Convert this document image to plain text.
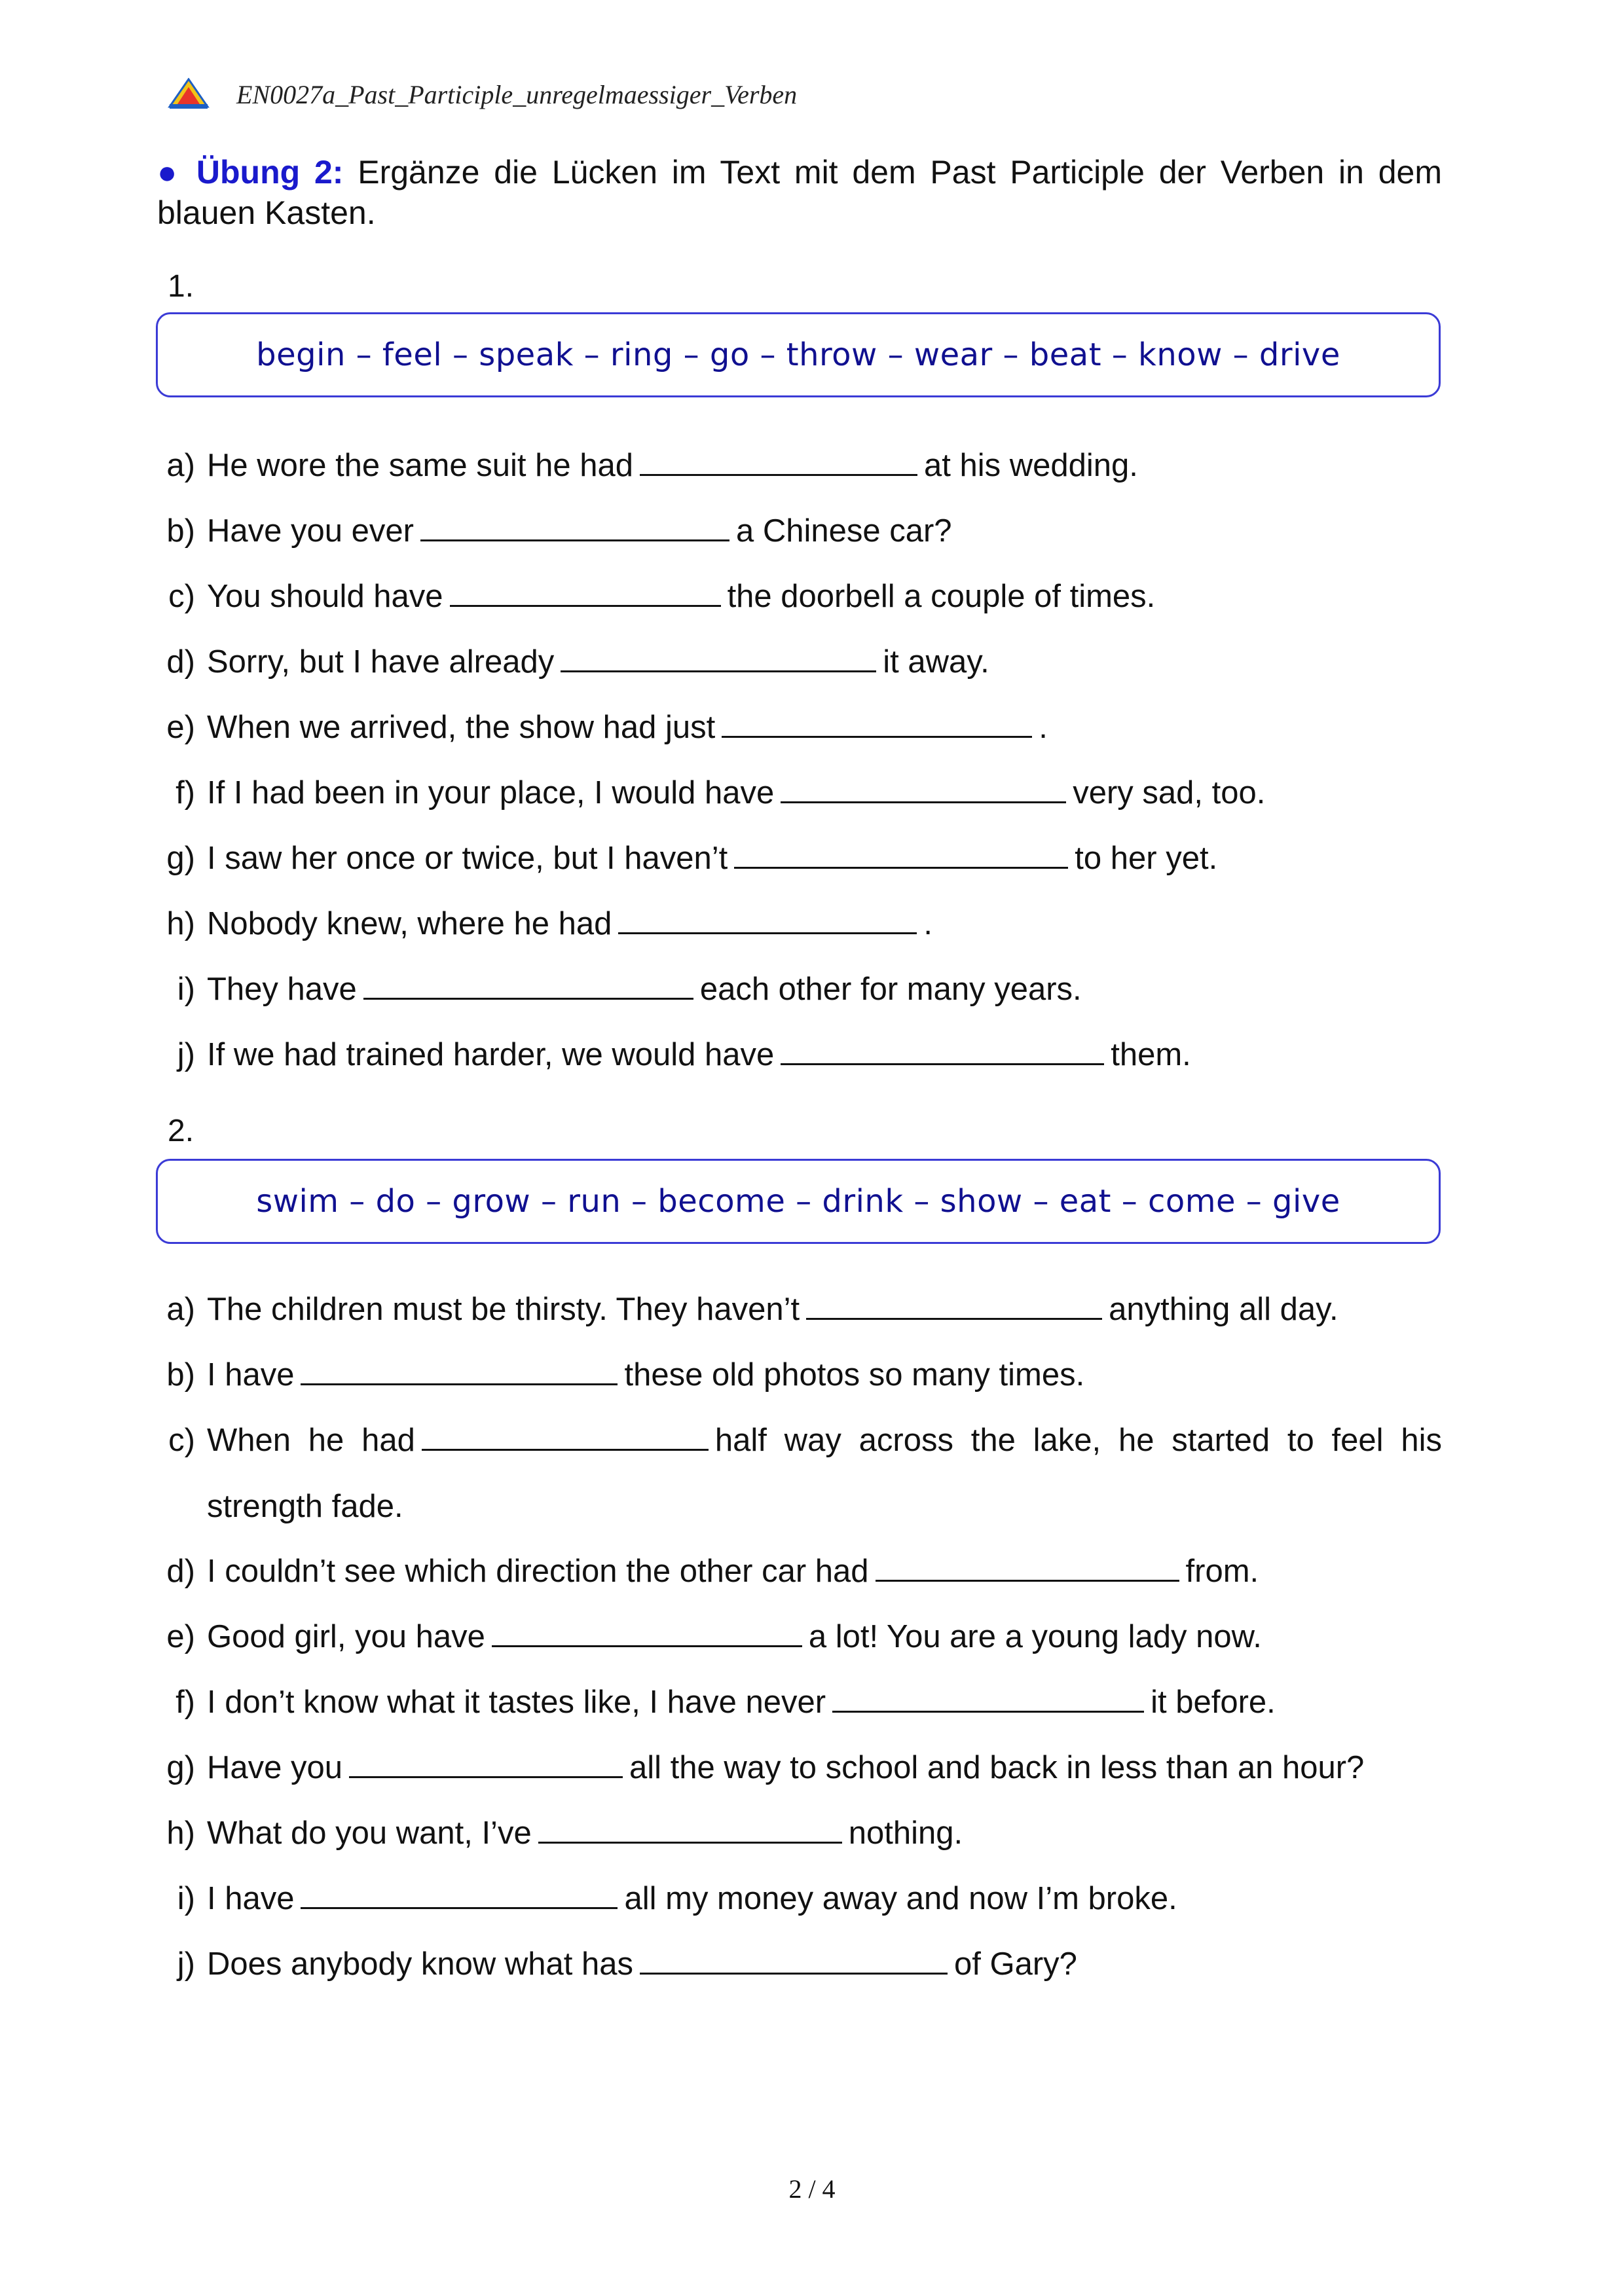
EN0027a_Past_Participle_unregelmaessiger_Verben
● Übung 2: Ergänze die Lücken im Text mit dem Past Participle der Verben in dem blauen Kasten.
1.
begin – feel – speak – ring – go – throw – wear – beat – know – drive
a) He wore the same suit he had	at his wedding.
b) Have you ever	a Chinese car?
c) You should have	the doorbell a couple of times.
d) Sorry, but I have already	it away.
e) When we arrived, the show had just	.
f) If I had been in your place, I would have	very sad, too.
g) I saw her once or twice, but I haven’t	to her yet.
h) Nobody knew, where he had	.
i) They have	each other for many years.
j) If we had trained harder, we would have	them.
2.
swim – do – grow – run – become – drink – show – eat – come – give
a) The children must be thirsty. They haven’t	anything all day.
b) I have	these old photos so many times.
c) When he had	half way across the lake, he started to feel his strength fade.
d) I couldn’t see which direction the other car had	from.
e) Good girl, you have	a lot! You are a young lady now.
f) I don’t know what it tastes like, I have never	it before.
g) Have you	all the way to school and back in less than an hour?
h) What do you want, I’ve	nothing.
i) I have	all my money away and now I’m broke.
j) Does anybody know what has	of Gary?
2 / 4
